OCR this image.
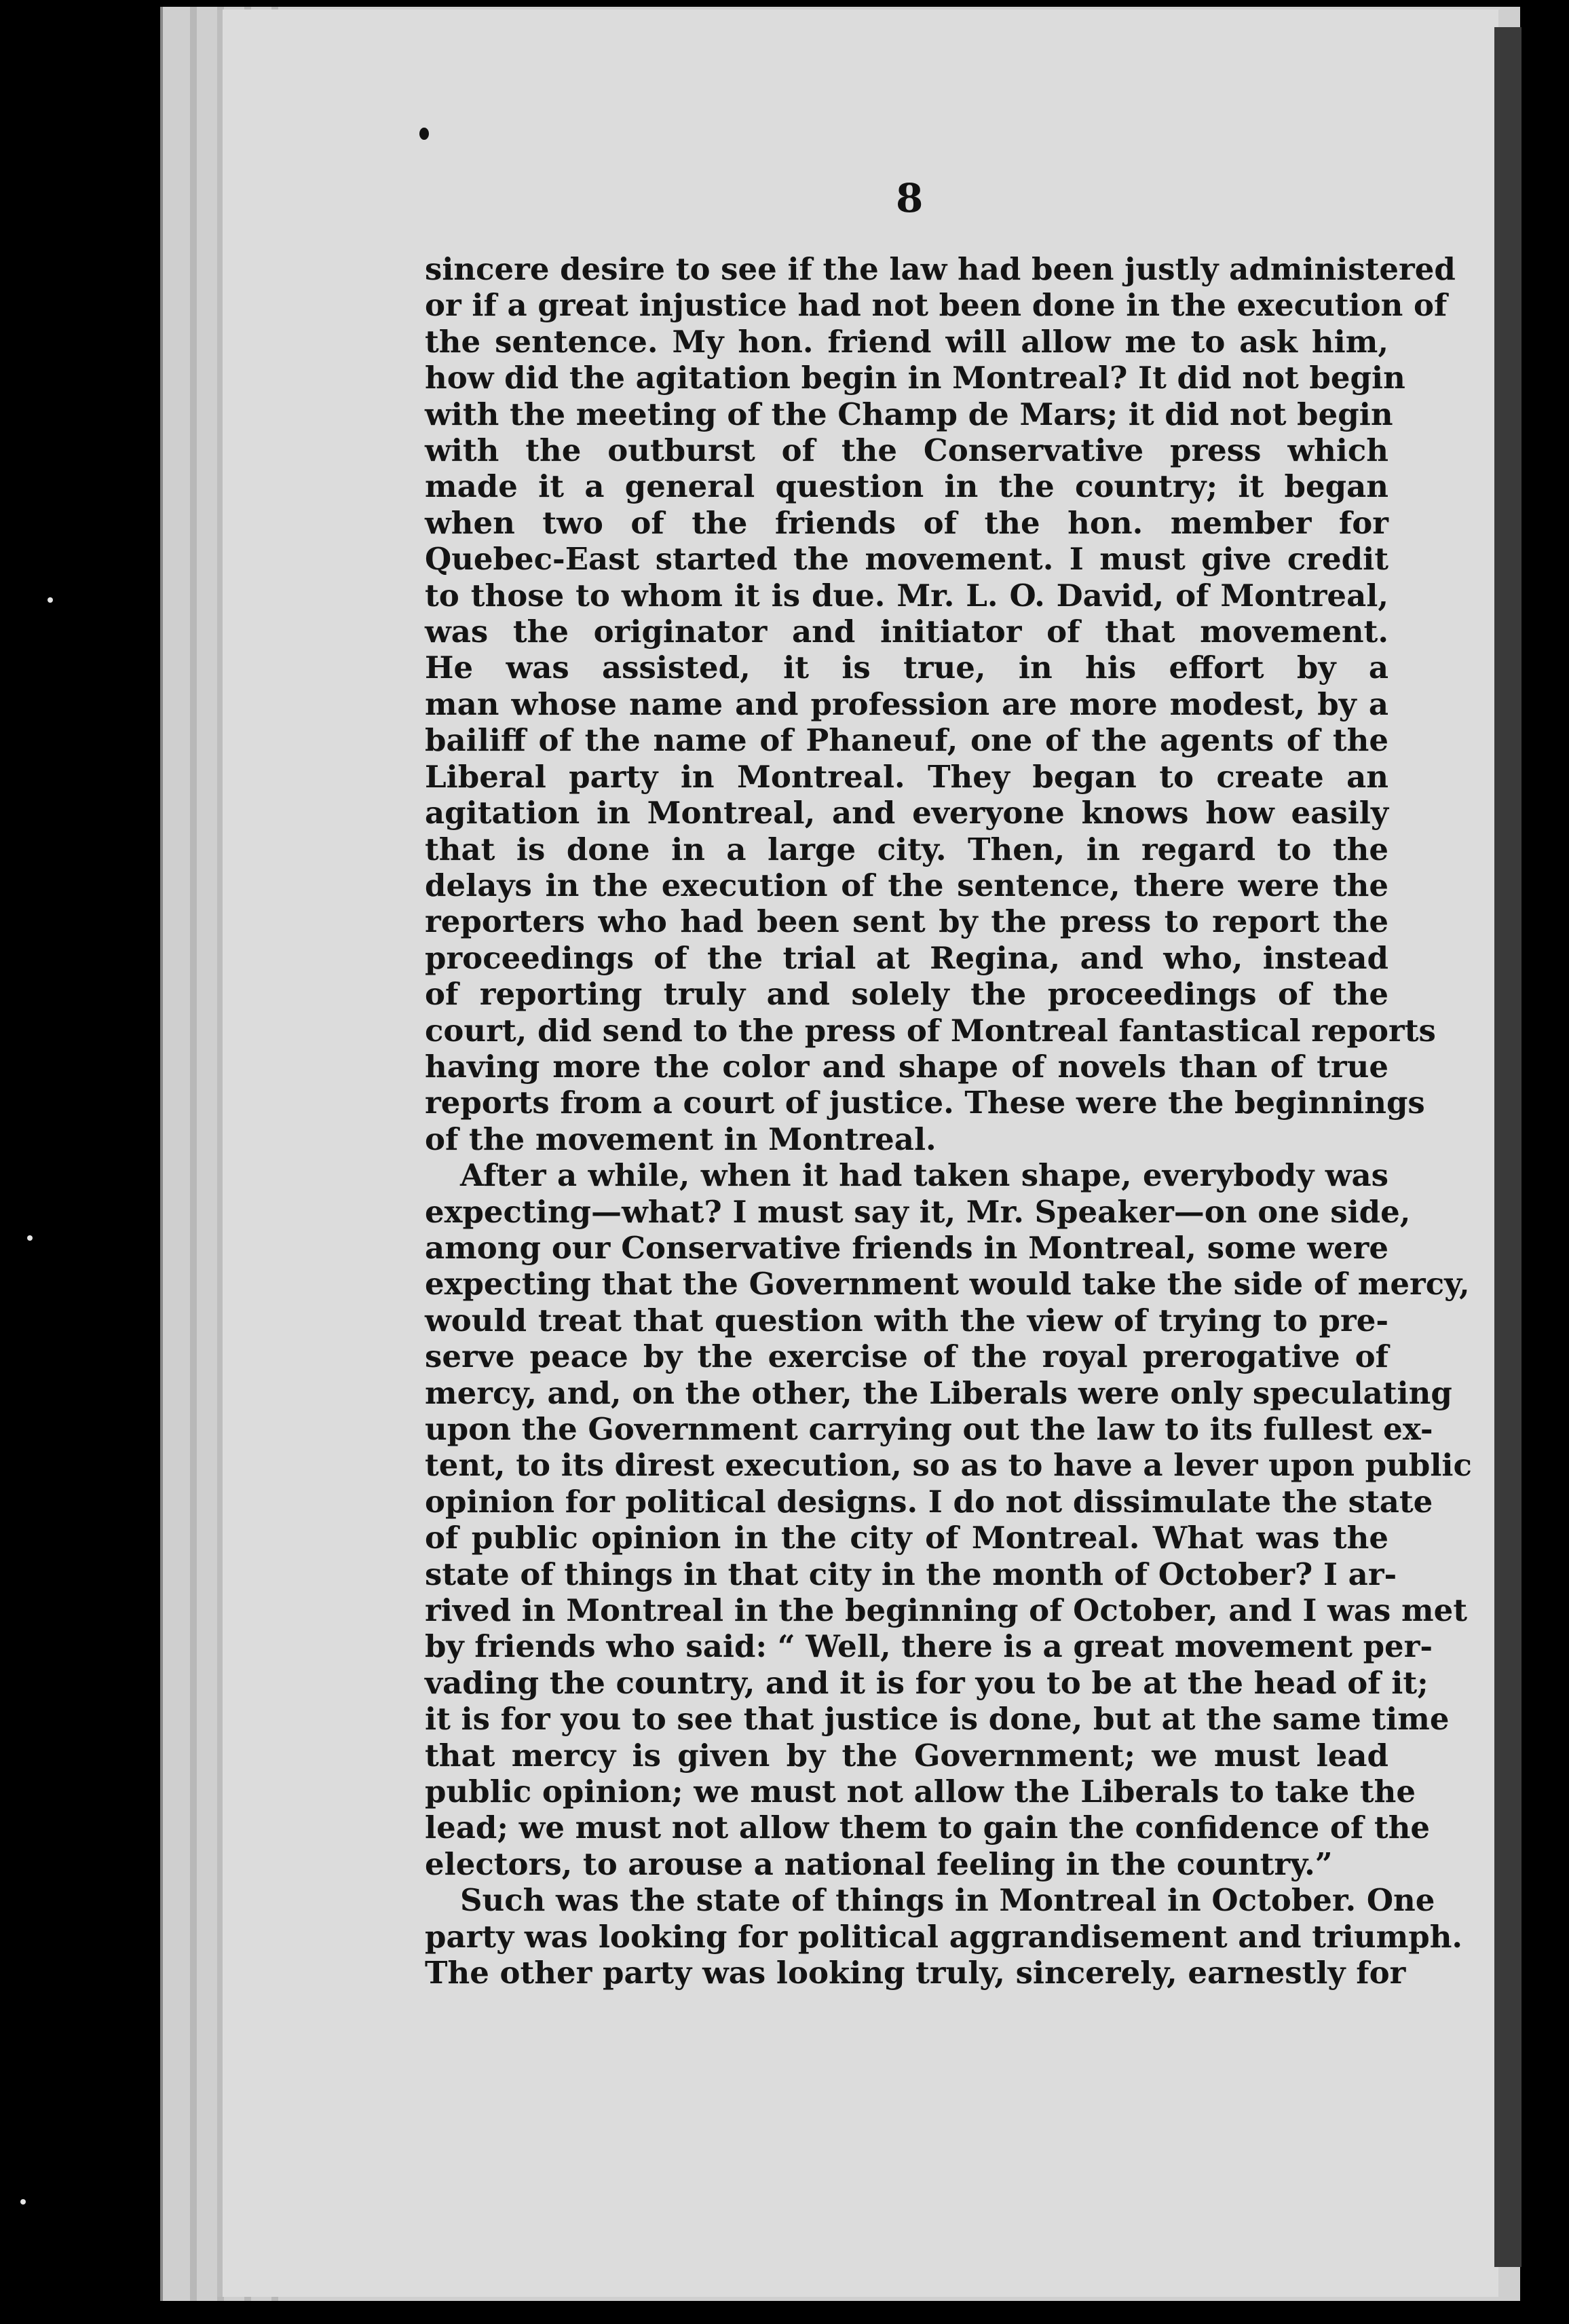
8
sincere desire to see if the law had been justly administered
or if a great injustice had not been done in the execution of
the sentence. My hon. friend will allow me to ask him,
how did the agitation begin in Montreal? It did not begin
with the meeting of the Champ de Mars; it did not begin
with the outburst of the Conservative press which
made it a general question in the country; it began
when two of the friends of the hon. member for
Quebec-East started the movement. I must give credit
to those to whom it is due. Mr. L. O. David, of Montreal,
was the originator and initiator of that movement.
He was assisted, it is true, in his effort by a
man whose name and profession are more modest, by a
bailiff of the name of Phaneuf, one of the agents of the
Liberal party in Montreal. They began to create an
agitation in Montreal, and everyone knows how easily
that is done in a large city. Then, in regard to the
delays in the execution of the sentence, there were the
reporters who had been sent by the press to report the
proceedings of the trial at Regina, and who, instead
of reporting truly and solely the proceedings of the
court, did send to the press of Montreal fantastical reports
having more the color and shape of novels than of true
reports from a court of justice. These were the beginnings
of the movement in Montreal.
After a while, when it had taken shape, everybody was
expecting—what? I must say it, Mr. Speaker—on one side,
among our Conservative friends in Montreal, some were
expecting that the Government would take the side of mercy,
would treat that question with the view of trying to pre-
serve peace by the exercise of the royal prerogative of
mercy, and, on the other, the Liberals were only speculating
upon the Government carrying out the law to its fullest ex-
tent, to its direst execution, so as to have a lever upon public
opinion for political designs. I do not dissimulate the state
of public opinion in the city of Montreal. What was the
state of things in that city in the month of October? I ar-
rived in Montreal in the beginning of October, and I was met
by friends who said: “ Well, there is a great movement per-
vading the country, and it is for you to be at the head of it;
it is for you to see that justice is done, but at the same time
that mercy is given by the Government; we must lead
public opinion; we must not allow the Liberals to take the
lead; we must not allow them to gain the confidence of the
electors, to arouse a national feeling in the country.”
Such was the state of things in Montreal in October. One
party was looking for political aggrandisement and triumph.
The other party was looking truly, sincerely, earnestly for
